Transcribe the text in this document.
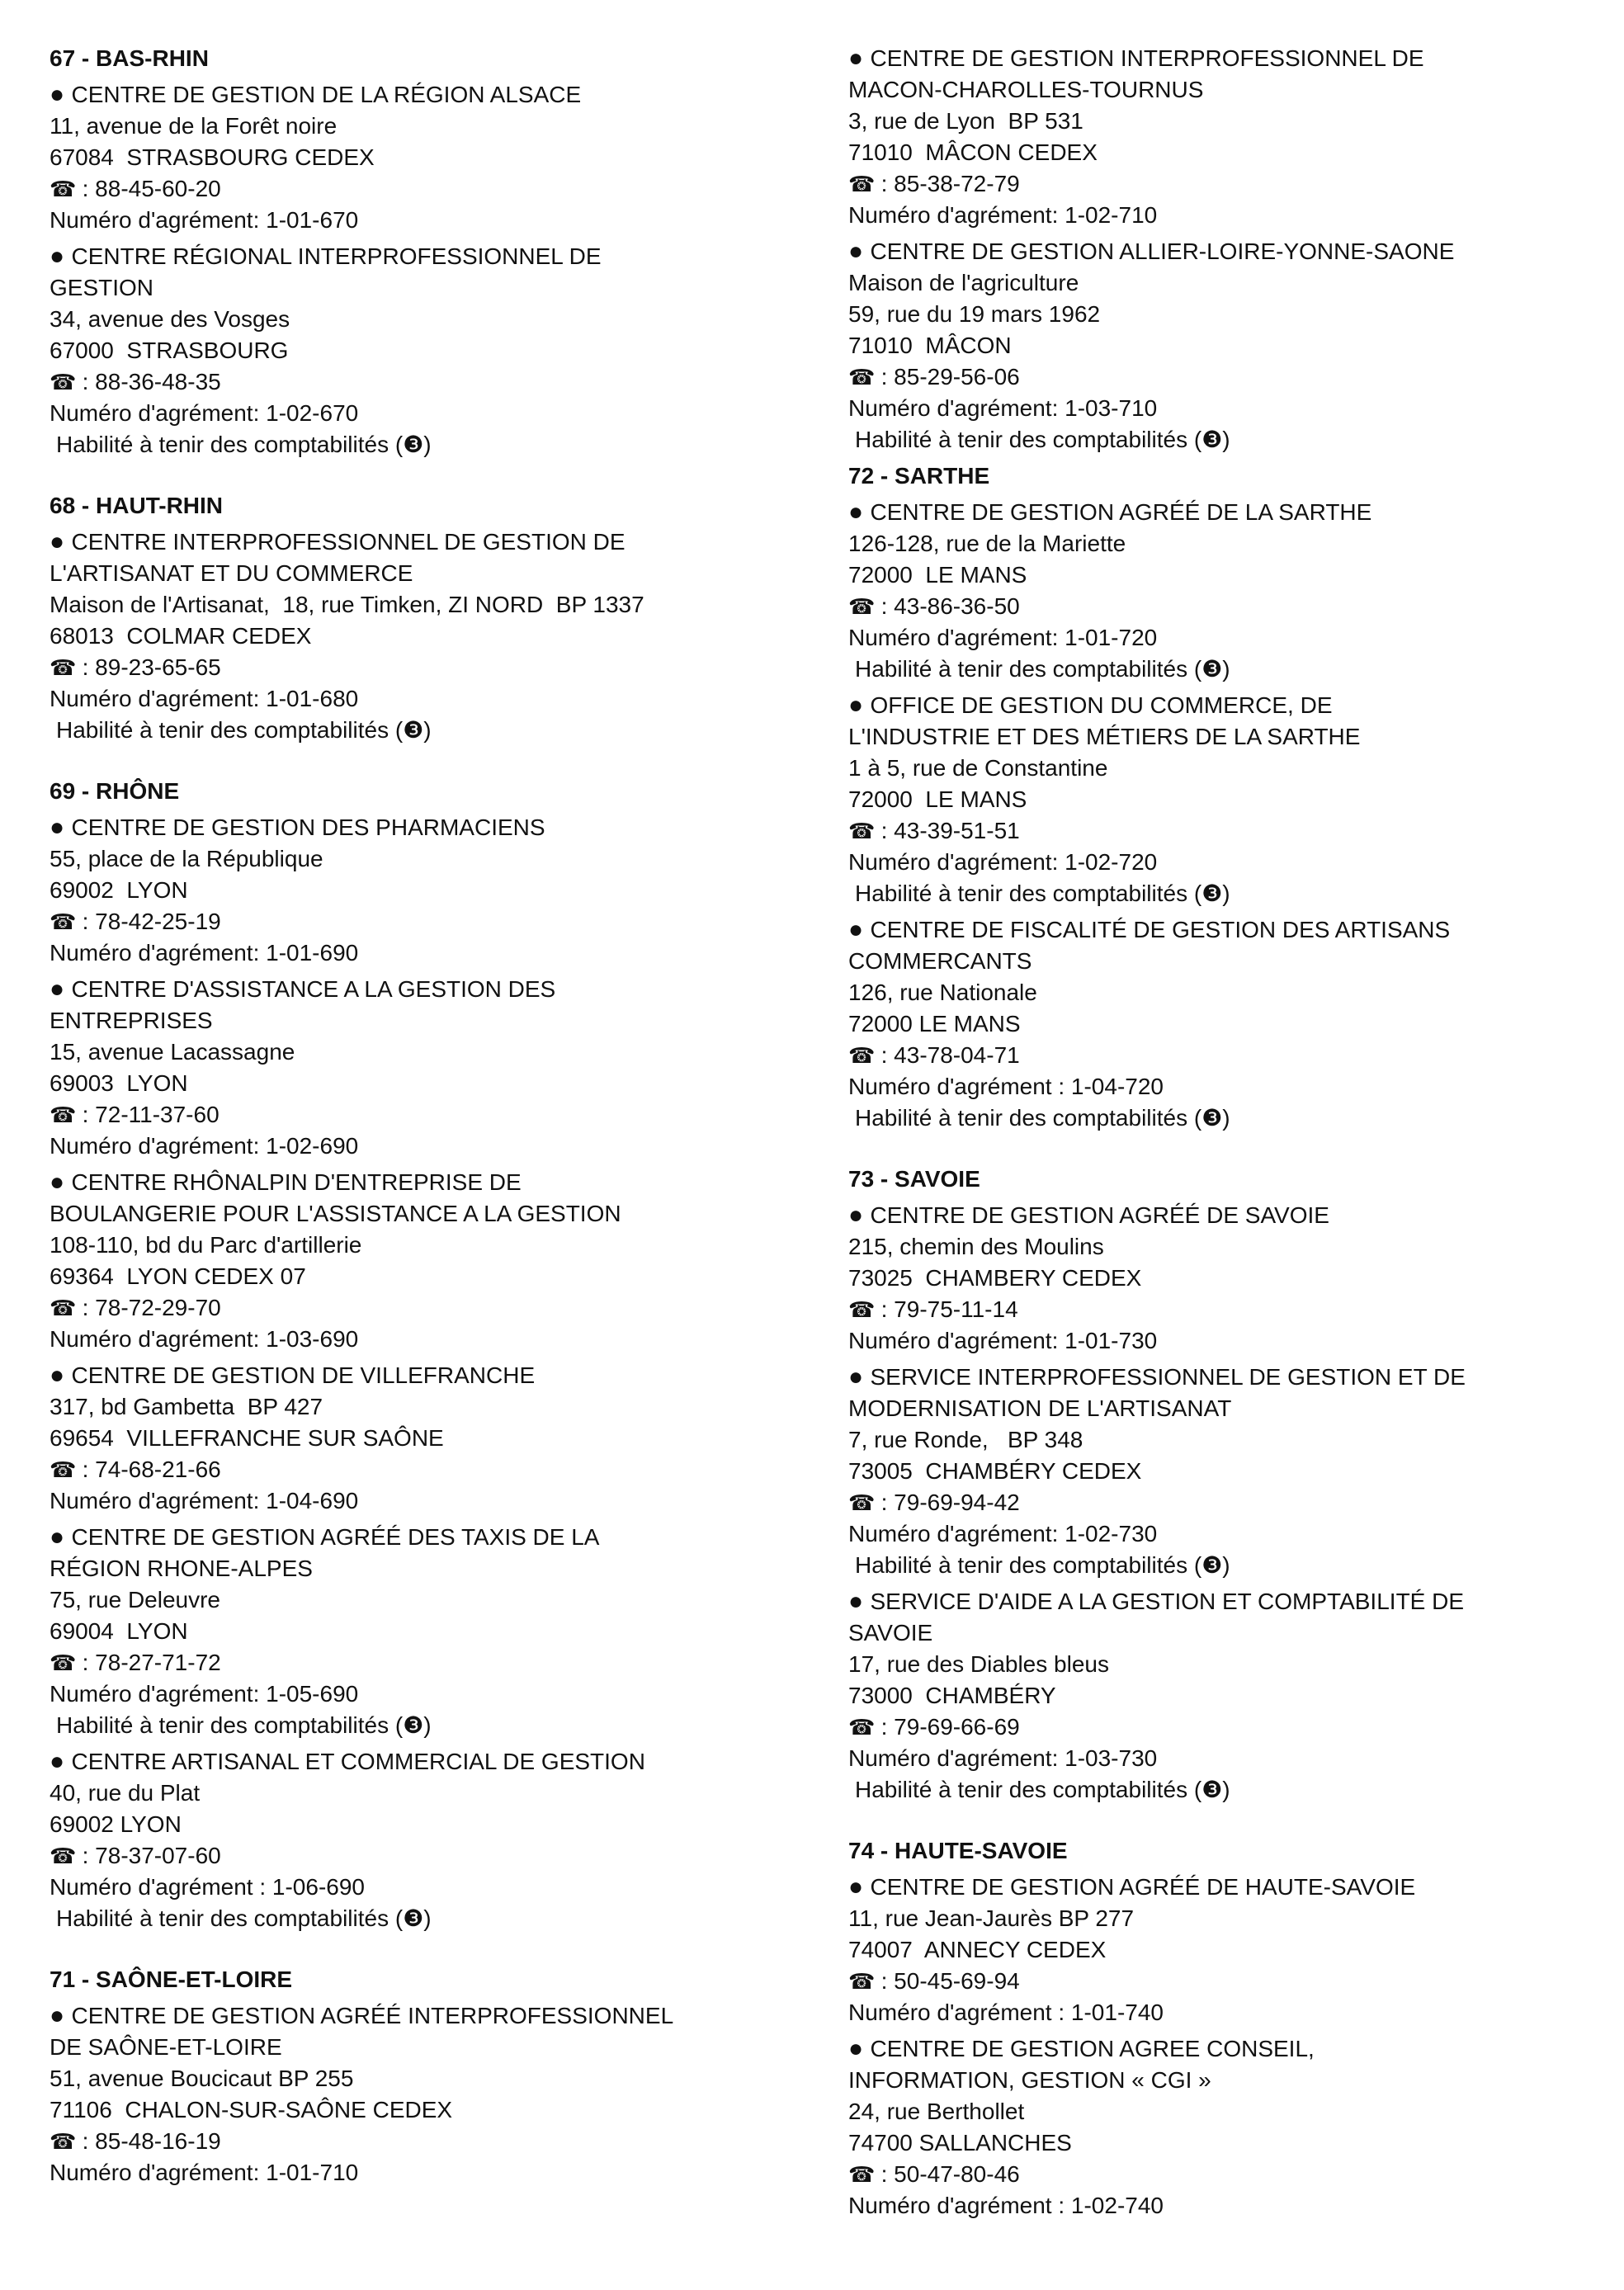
67 - BAS-RHIN
● CENTRE DE GESTION DE LA RÉGION ALSACE
11, avenue de la Forêt noire
67084  STRASBOURG CEDEX
☎ : 88-45-60-20
Numéro d'agrément: 1-01-670
● CENTRE RÉGIONAL INTERPROFESSIONNEL DE
GESTION
34, avenue des Vosges
67000  STRASBOURG
☎ : 88-36-48-35
Numéro d'agrément: 1-02-670
Habilité à tenir des comptabilités (❸)
68 - HAUT-RHIN
● CENTRE INTERPROFESSIONNEL DE GESTION DE
L'ARTISANAT ET DU COMMERCE
Maison de l'Artisanat,  18, rue Timken, ZI NORD  BP 1337
68013  COLMAR CEDEX
☎ : 89-23-65-65
Numéro d'agrément: 1-01-680
Habilité à tenir des comptabilités (❸)
69 - RHÔNE
● CENTRE DE GESTION DES PHARMACIENS
55, place de la République
69002  LYON
☎ : 78-42-25-19
Numéro d'agrément: 1-01-690
● CENTRE D'ASSISTANCE A LA GESTION DES
ENTREPRISES
15, avenue Lacassagne
69003  LYON
☎ : 72-11-37-60
Numéro d'agrément: 1-02-690
● CENTRE RHÔNALPIN D'ENTREPRISE DE
BOULANGERIE POUR L'ASSISTANCE A LA GESTION
108-110, bd du Parc d'artillerie
69364  LYON CEDEX 07
☎ : 78-72-29-70
Numéro d'agrément: 1-03-690
● CENTRE DE GESTION DE VILLEFRANCHE
317, bd Gambetta  BP 427
69654  VILLEFRANCHE SUR SAÔNE
☎ : 74-68-21-66
Numéro d'agrément: 1-04-690
● CENTRE DE GESTION AGRÉÉ DES TAXIS DE LA
RÉGION RHONE-ALPES
75, rue Deleuvre
69004  LYON
☎ : 78-27-71-72
Numéro d'agrément: 1-05-690
Habilité à tenir des comptabilités (❸)
● CENTRE ARTISANAL ET COMMERCIAL DE GESTION
40, rue du Plat
69002 LYON
☎ : 78-37-07-60
Numéro d'agrément : 1-06-690
Habilité à tenir des comptabilités (❸)
71 - SAÔNE-ET-LOIRE
● CENTRE DE GESTION AGRÉÉ INTERPROFESSIONNEL
DE SAÔNE-ET-LOIRE
51, avenue Boucicaut BP 255
71106  CHALON-SUR-SAÔNE CEDEX
☎ : 85-48-16-19
Numéro d'agrément: 1-01-710
● CENTRE DE GESTION INTERPROFESSIONNEL DE
MACON-CHAROLLES-TOURNUS
3, rue de Lyon  BP 531
71010  MÂCON CEDEX
☎ : 85-38-72-79
Numéro d'agrément: 1-02-710
● CENTRE DE GESTION ALLIER-LOIRE-YONNE-SAONE
Maison de l'agriculture
59, rue du 19 mars 1962
71010  MÂCON
☎ : 85-29-56-06
Numéro d'agrément: 1-03-710
Habilité à tenir des comptabilités (❸)
72 - SARTHE
● CENTRE DE GESTION AGRÉÉ DE LA SARTHE
126-128, rue de la Mariette
72000  LE MANS
☎ : 43-86-36-50
Numéro d'agrément: 1-01-720
Habilité à tenir des comptabilités (❸)
● OFFICE DE GESTION DU COMMERCE, DE
L'INDUSTRIE ET DES MÉTIERS DE LA SARTHE
1 à 5, rue de Constantine
72000  LE MANS
☎ : 43-39-51-51
Numéro d'agrément: 1-02-720
Habilité à tenir des comptabilités (❸)
● CENTRE DE FISCALITÉ DE GESTION DES ARTISANS
COMMERCANTS
126, rue Nationale
72000 LE MANS
☎ : 43-78-04-71
Numéro d'agrément : 1-04-720
Habilité à tenir des comptabilités (❸)
73 - SAVOIE
● CENTRE DE GESTION AGRÉÉ DE SAVOIE
215, chemin des Moulins
73025  CHAMBERY CEDEX
☎ : 79-75-11-14
Numéro d'agrément: 1-01-730
● SERVICE INTERPROFESSIONNEL DE GESTION ET DE
MODERNISATION DE L'ARTISANAT
7, rue Ronde,   BP 348
73005  CHAMBÉRY CEDEX
☎ : 79-69-94-42
Numéro d'agrément: 1-02-730
Habilité à tenir des comptabilités (❸)
● SERVICE D'AIDE A LA GESTION ET COMPTABILITÉ DE
SAVOIE
17, rue des Diables bleus
73000  CHAMBÉRY
☎ : 79-69-66-69
Numéro d'agrément: 1-03-730
Habilité à tenir des comptabilités (❸)
74 - HAUTE-SAVOIE
● CENTRE DE GESTION AGRÉÉ DE HAUTE-SAVOIE
11, rue Jean-Jaurès BP 277
74007  ANNECY CEDEX
☎ : 50-45-69-94
Numéro d'agrément : 1-01-740
● CENTRE DE GESTION AGREE CONSEIL,
INFORMATION, GESTION « CGI »
24, rue Berthollet
74700 SALLANCHES
☎ : 50-47-80-46
Numéro d'agrément : 1-02-740
